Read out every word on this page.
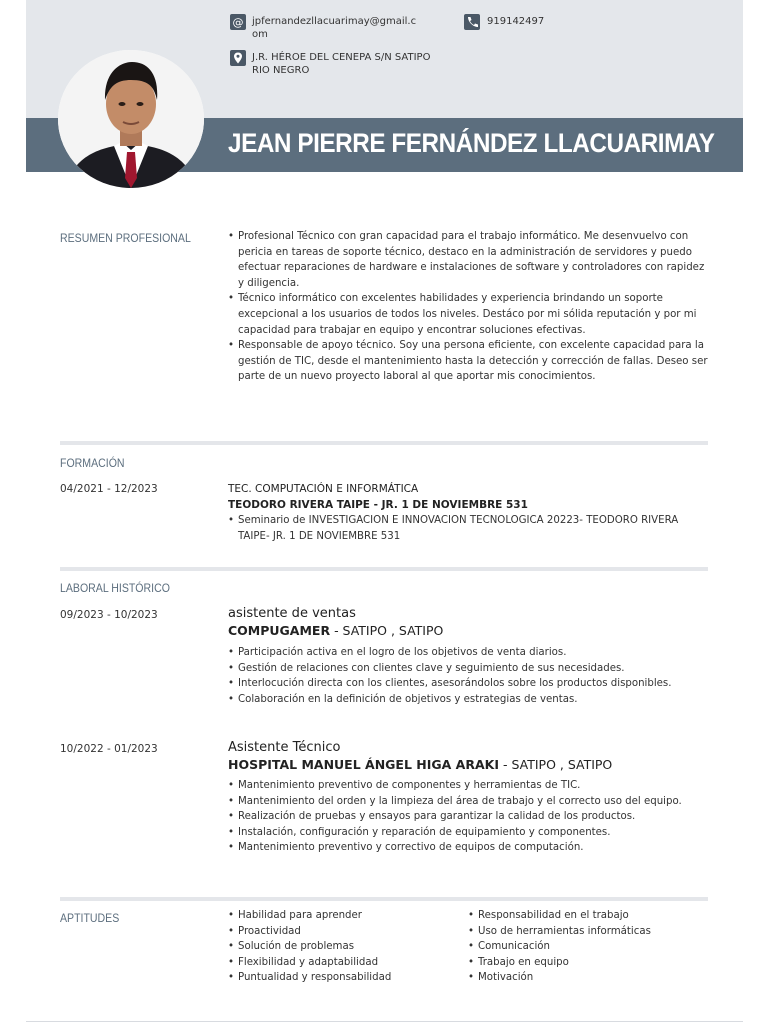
JEAN PIERRE FERNÁNDEZ LLACUARIMAY
@ jpfernandezllacuarimay@gmail.c
om
919142497
J.R. HÉROE DEL CENEPA S/N SATIPO
RIO NEGRO
RESUMEN PROFESIONAL	• Profesional Técnico con gran capacidad para el trabajo informático. Me desenvuelvo con pericia en tareas de soporte técnico, destaco en la administración de servidores y puedo efectuar reparaciones de hardware e instalaciones de software y controladores con rapidez y diligencia.
• Técnico informático con excelentes habilidades y experiencia brindando un soporte excepcional a los usuarios de todos los niveles. Destáco por mi sólida reputación y por mi capacidad para trabajar en equipo y encontrar soluciones efectivas.
• Responsable de apoyo técnico. Soy una persona eficiente, con excelente capacidad para la gestión de TIC, desde el mantenimiento hasta la detección y corrección de fallas. Deseo ser parte de un nuevo proyecto laboral al que aportar mis conocimientos.
FORMACIÓN
04/2021 - 12/2023	TEC. COMPUTACIÓN E INFORMÁTICA
TEODORO RIVERA TAIPE - JR. 1 DE NOVIEMBRE 531
• Seminario de INVESTIGACION E INNOVACION TECNOLOGICA 20223- TEODORO RIVERA TAIPE- JR. 1 DE NOVIEMBRE 531
LABORAL HISTÓRICO
09/2023 - 10/2023	asistente de ventas
COMPUGAMER - SATIPO , SATIPO
• Participación activa en el logro de los objetivos de venta diarios.
• Gestión de relaciones con clientes clave y seguimiento de sus necesidades.
• Interlocución directa con los clientes, asesorándolos sobre los productos disponibles.
• Colaboración en la definición de objetivos y estrategias de ventas.
10/2022 - 01/2023	Asistente Técnico
HOSPITAL MANUEL ÁNGEL HIGA ARAKI - SATIPO , SATIPO
• Mantenimiento preventivo de componentes y herramientas de TIC.
• Mantenimiento del orden y la limpieza del área de trabajo y el correcto uso del equipo.
• Realización de pruebas y ensayos para garantizar la calidad de los productos.
• Instalación, configuración y reparación de equipamiento y componentes.
• Mantenimiento preventivo y correctivo de equipos de computación.
APTITUDES	• Habilidad para aprender
• Proactividad
• Solución de problemas
• Flexibilidad y adaptabilidad
• Puntualidad y responsabilidad
• Responsabilidad en el trabajo
• Uso de herramientas informáticas
• Comunicación
• Trabajo en equipo
• Motivación
